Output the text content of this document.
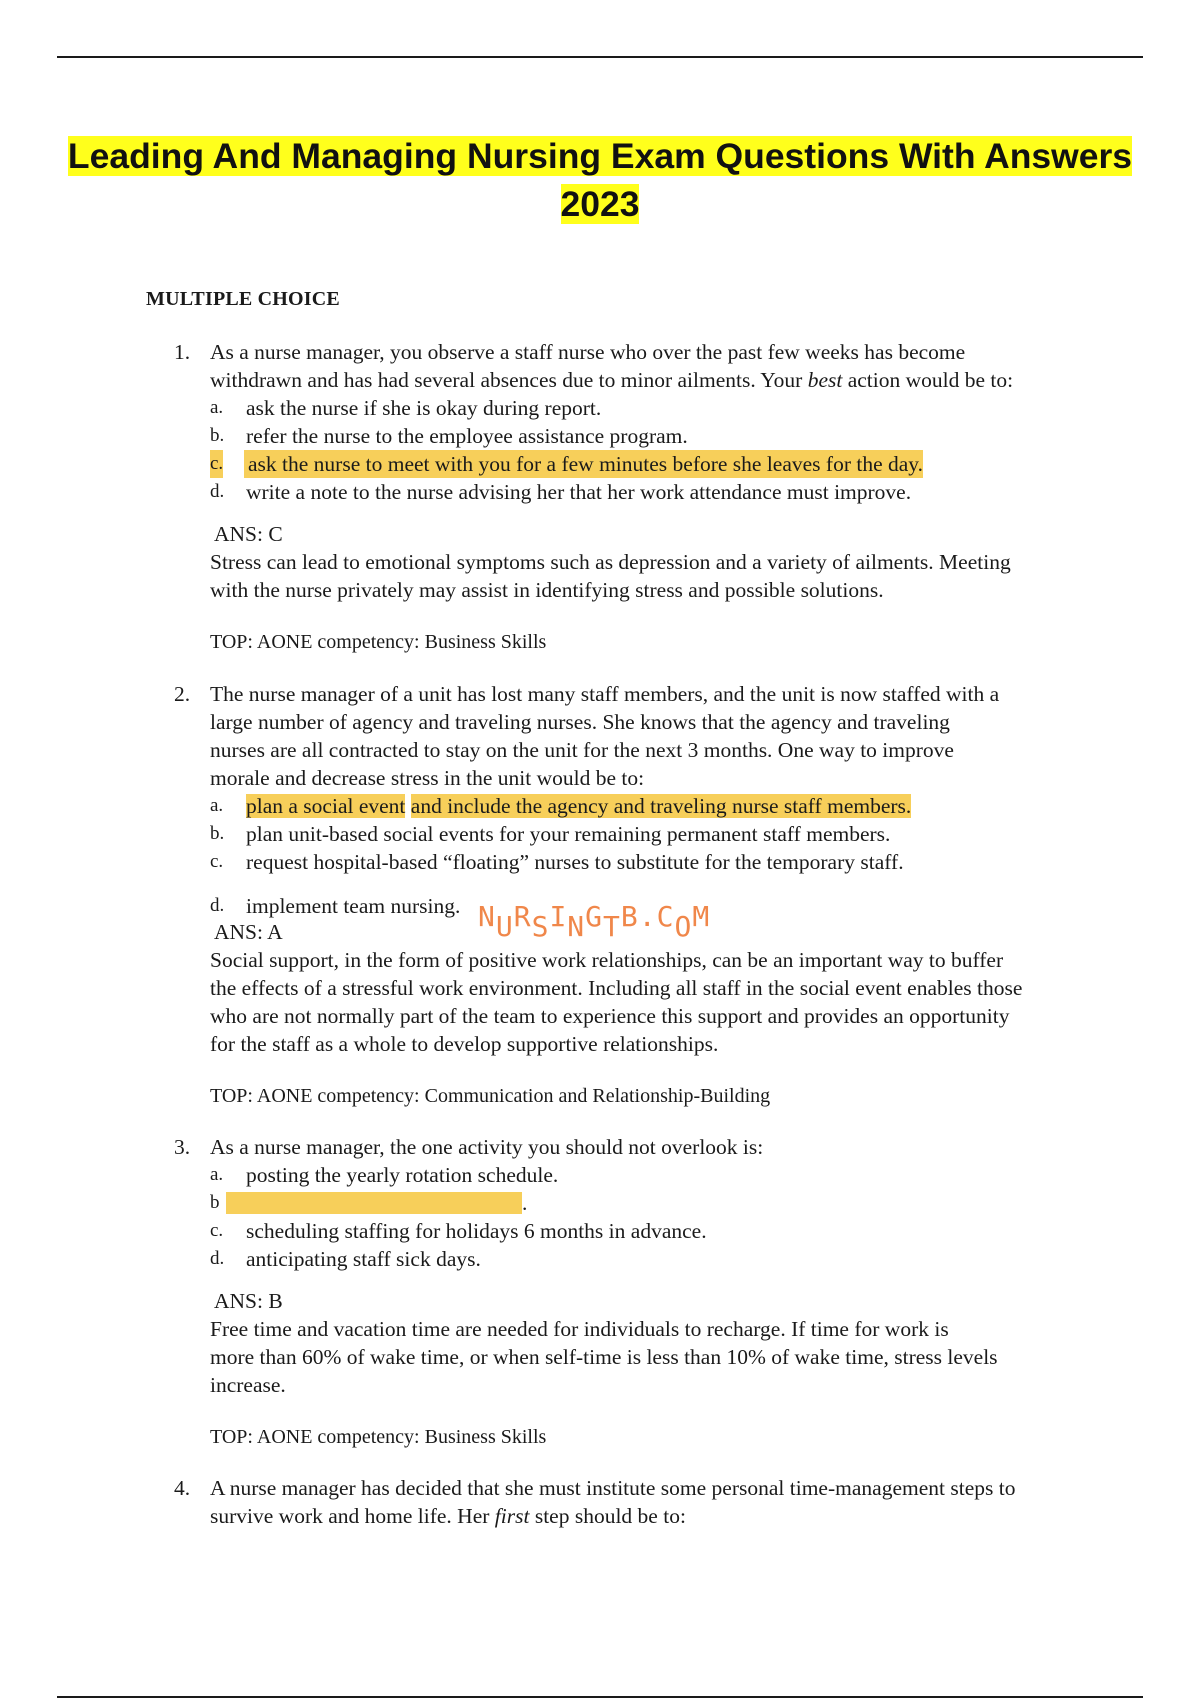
Leading And Managing Nursing Exam Questions With Answers
2023
MULTIPLE CHOICE
1. As a nurse manager, you observe a staff nurse who over the past few weeks has become
withdrawn and has had several absences due to minor ailments. Your best action would be to:
a. ask the nurse if she is okay during report.
b. refer the nurse to the employee assistance program.
c. ask the nurse to meet with you for a few minutes before she leaves for the day.
d. write a note to the nurse advising her that her work attendance must improve.
ANS: C
Stress can lead to emotional symptoms such as depression and a variety of ailments. Meeting
with the nurse privately may assist in identifying stress and possible solutions.
TOP: AONE competency: Business Skills
2. The nurse manager of a unit has lost many staff members, and the unit is now staffed with a
large number of agency and traveling nurses. She knows that the agency and traveling
nurses are all contracted to stay on the unit for the next 3 months. One way to improve
morale and decrease stress in the unit would be to:
a. plan a social event and include the agency and traveling nurse staff members.
b. plan unit-based social events for your remaining permanent staff members.
c. request hospital-based “floating” nurses to substitute for the temporary staff.
d. implement team nursing.
ANS: A
Social support, in the form of positive work relationships, can be an important way to buffer
the effects of a stressful work environment. Including all staff in the social event enables those
who are not normally part of the team to experience this support and provides an opportunity
for the staff as a whole to develop supportive relationships.
TOP: AONE competency: Communication and Relationship-Building
3. As a nurse manager, the one activity you should not overlook is:
a. posting the yearly rotation schedule.
b	.
c. scheduling staffing for holidays 6 months in advance.
d. anticipating staff sick days.
ANS: B
Free time and vacation time are needed for individuals to recharge. If time for work is
more than 60% of wake time, or when self-time is less than 10% of wake time, stress levels
increase.
TOP: AONE competency: Business Skills
4. A nurse manager has decided that she must institute some personal time-management steps to
survive work and home life. Her first step should be to:
NURSINGTB.COM
